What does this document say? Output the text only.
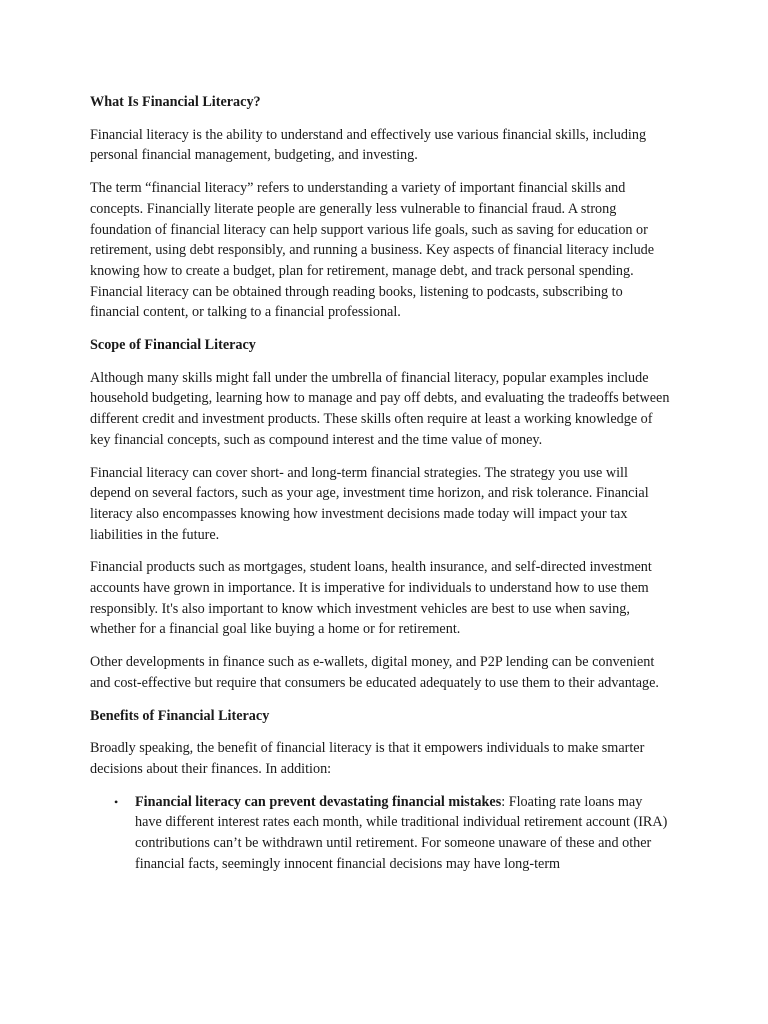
What Is Financial Literacy?

Financial literacy is the ability to understand and effectively use various financial skills, including personal financial management, budgeting, and investing.

The term “financial literacy” refers to understanding a variety of important financial skills and concepts. Financially literate people are generally less vulnerable to financial fraud. A strong foundation of financial literacy can help support various life goals, such as saving for education or retirement, using debt responsibly, and running a business. Key aspects of financial literacy include knowing how to create a budget, plan for retirement, manage debt, and track personal spending. Financial literacy can be obtained through reading books, listening to podcasts, subscribing to financial content, or talking to a financial professional.

Scope of Financial Literacy

Although many skills might fall under the umbrella of financial literacy, popular examples include household budgeting, learning how to manage and pay off debts, and evaluating the tradeoffs between different credit and investment products. These skills often require at least a working knowledge of key financial concepts, such as compound interest and the time value of money.

Financial literacy can cover short- and long-term financial strategies. The strategy you use will depend on several factors, such as your age, investment time horizon, and risk tolerance. Financial literacy also encompasses knowing how investment decisions made today will impact your tax liabilities in the future.

Financial products such as mortgages, student loans, health insurance, and self-directed investment accounts have grown in importance. It is imperative for individuals to understand how to use them responsibly. It's also important to know which investment vehicles are best to use when saving, whether for a financial goal like buying a home or for retirement.

Other developments in finance such as e-wallets, digital money, and P2P lending can be convenient and cost-effective but require that consumers be educated adequately to use them to their advantage.

Benefits of Financial Literacy

Broadly speaking, the benefit of financial literacy is that it empowers individuals to make smarter decisions about their finances. In addition:

• Financial literacy can prevent devastating financial mistakes: Floating rate loans may have different interest rates each month, while traditional individual retirement account (IRA) contributions can’t be withdrawn until retirement. For someone unaware of these and other financial facts, seemingly innocent financial decisions may have long-term
